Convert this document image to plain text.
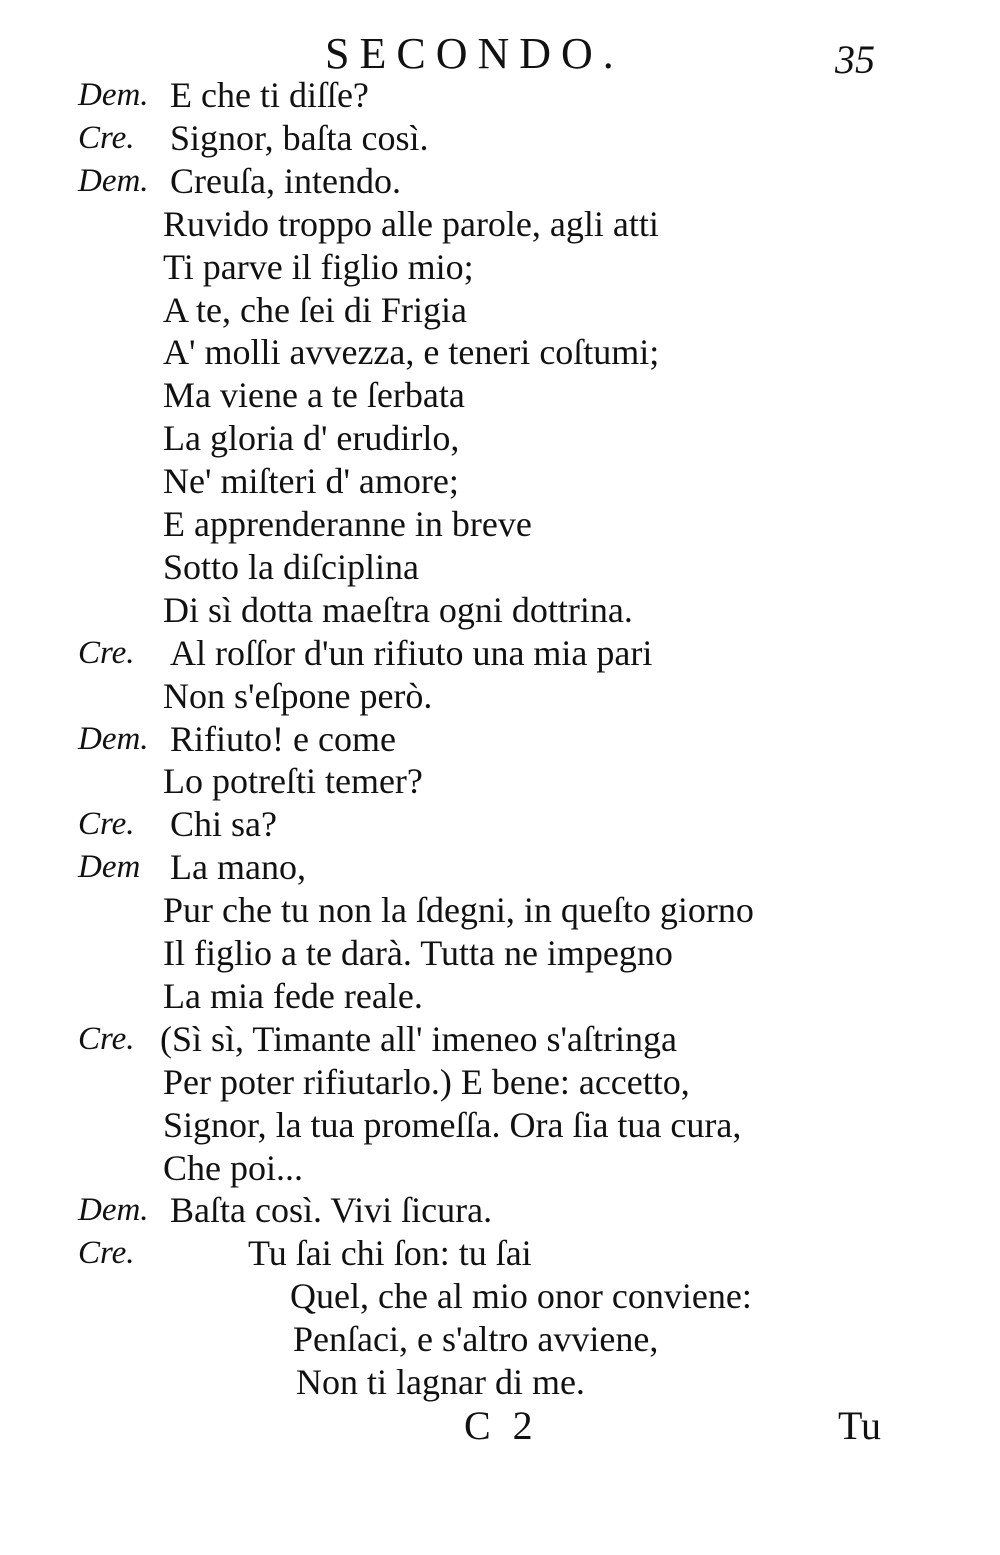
SECONDO.	35
Dem. E che ti diſſe?
Cre. Signor, baſta così.
Dem. Creuſa, intendo.
Ruvido troppo alle parole, agli atti
Ti parve il figlio mio;
A te, che ſei di Frigia
A' molli avvezza, e teneri coſtumi;
Ma viene a te ſerbata
La gloria d' erudirlo,
Ne' miſteri d' amore;
E apprenderanne in breve
Sotto la diſciplina
Di sì dotta maeſtra ogni dottrina.
Cre. Al roſſor d'un rifiuto una mia pari
Non s'eſpone però.
Dem. Rifiuto! e come
Lo potreſti temer?
Cre. Chi sa?
Dem La mano,
Pur che tu non la ſdegni, in queſto giorno
Il figlio a te darà. Tutta ne impegno
La mia fede reale.
Cre. (Sì sì, Timante all' imeneo s'aſtringa
Per poter rifiutarlo.) E bene: accetto,
Signor, la tua promeſſa. Ora ſia tua cura,
Che poi...
Dem. Baſta così. Vivi ſicura.
Cre.	Tu ſai chi ſon: tu ſai
Quel, che al mio onor conviene:
Penſaci, e s'altro avviene,
Non ti lagnar di me.
C 2	Tu
